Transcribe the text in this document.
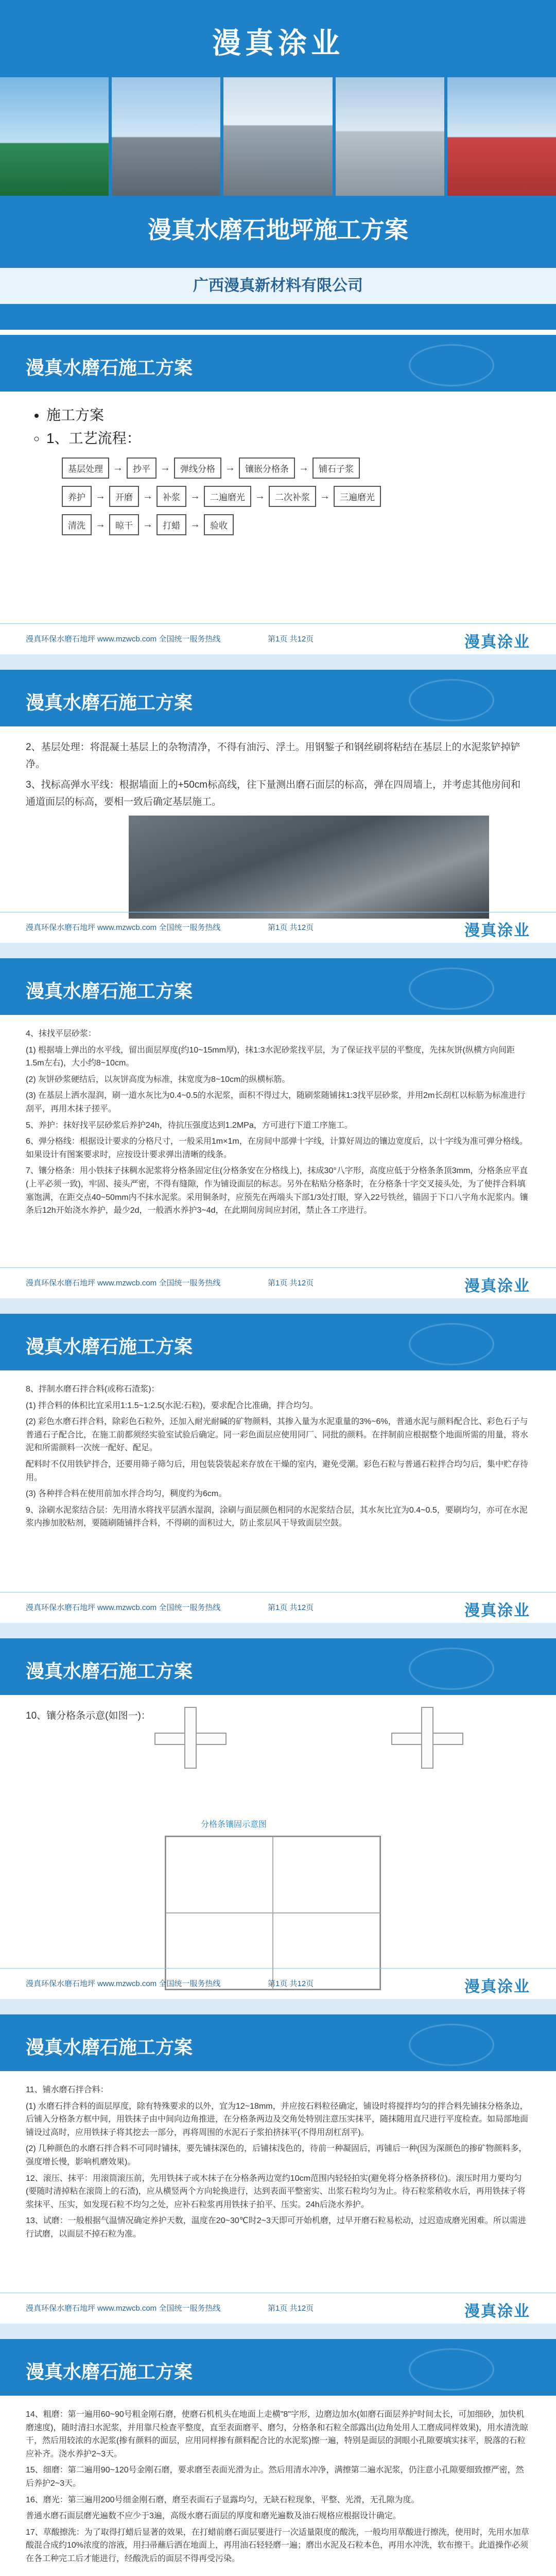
漫真涂业
漫真水磨石地坪施工方案
广西漫真新材料有限公司
漫真水磨石施工方案
• 施工方案
◦ 1、工艺流程：
基层处理 →	抄平 →	弹线分格 →	镶嵌分格条 →	铺石子浆
养护 →	开磨 →	补浆 →	二遍磨光 →	二次补浆 →	三遍磨光
清洗 →	晾干 →	打蜡 →	验收
漫真环保水磨石地坪 www.mzwcb.com 全国统一服务热线	第1页 共12页	漫真涂业
漫真水磨石施工方案

2、基层处理：将混凝土基层上的杂物清净，不得有油污、浮土。用钢錾子和钢丝刷将粘结在基层上的水泥浆铲掉铲净。

3、找标高弹水平线：根据墙面上的+50cm标高线，往下量测出磨石面层的标高，弹在四周墙上，并考虑其他房间和通道面层的标高，要相一致后确定基层施工。

漫真环保水磨石地坪 www.mzwcb.com 全国统一服务热线	第1页 共12页	漫真涂业
漫真水磨石施工方案

4、抹找平层砂浆：

(1) 根据墙上弹出的水平线，留出面层厚度(约10~15mm厚)，抹1:3水泥砂浆找平层，为了保证找平层的平整度，先抹灰饼(纵横方向间距1.5m左右)，大小约8~10cm。

(2) 灰饼砂浆硬结后，以灰饼高度为标准，抹宽度为8~10cm的纵横标筋。

(3) 在基层上洒水湿润，刷一道水灰比为0.4~0.5的水泥浆，面积不得过大，随刷浆随铺抹1:3找平层砂浆，并用2m长刮杠以标筋为标准进行刮平，再用木抹子搓平。

5、养护：抹好找平层砂浆后养护24h，待抗压强度达到1.2MPa，方可进行下道工序施工。

6、弹分格线：根据设计要求的分格尺寸，一般采用1m×1m，在房间中部弹十字线，计算好周边的镶边宽度后，以十字线为准可弹分格线。如果设计有图案要求时，应按设计要求弹出清晰的线条。

7、镶分格条：用小铁抹子抹稠水泥浆将分格条固定住(分格条安在分格线上)，抹成30°八字形，高度应低于分格条条顶3mm，分格条应平直(上平必须一致)，牢固、接头严密，不得有缝隙，作为铺设面层的标志。另外在粘贴分格条时，在分格条十字交叉接头处，为了使拌合料填塞饱满，在距交点40~50mm内不抹水泥浆。采用铜条时，应预先在两端头下部1/3处打眼，穿入22号铁丝，锚固于下口八字角水泥浆内。镶条后12h开始浇水养护，最少2d，一般洒水养护3~4d，在此期间房间应封闭，禁止各工序进行。

漫真环保水磨石地坪 www.mzwcb.com 全国统一服务热线	第1页 共12页	漫真涂业
漫真水磨石施工方案

8、拌制水磨石拌合料(或称石渣浆)：

(1) 拌合料的体积比宜采用1:1.5~1:2.5(水泥:石粒)，要求配合比准确，拌合均匀。

(2) 彩色水磨石拌合料，除彩色石粒外，还加入耐光耐碱的矿物颜料，其掺入量为水泥重量的3%~6%，普通水泥与颜料配合比、彩色石子与普通石子配合比，在施工前都须经实验室试验后确定。同一彩色面层应使用同厂、同批的颜料。在拌制前应根据整个地面所需的用量，将水泥和所需颜料一次统一配好、配足。

配料时不仅用铁铲拌合，还要用筛子筛匀后，用包装袋装起来存放在干燥的室内，避免受潮。彩色石粒与普通石粒拌合均匀后，集中贮存待用。

(3) 各种拌合料在使用前加水拌合均匀，稠度约为6cm。

9、涂刷水泥浆结合层：先用清水将找平层洒水湿润，涂刷与面层颜色相同的水泥浆结合层，其水灰比宜为0.4~0.5，要刷均匀，亦可在水泥浆内掺加胶粘剂，要随刷随铺拌合料，不得刷的面积过大，防止浆层风干导致面层空鼓。

漫真环保水磨石地坪 www.mzwcb.com 全国统一服务热线	第1页 共12页	漫真涂业
漫真水磨石施工方案

10、镶分格条示意(如图一)：

分格条镶固示意图
漫真环保水磨石地坪 www.mzwcb.com 全国统一服务热线	第1页 共12页	漫真涂业
漫真水磨石施工方案

11、铺水磨石拌合料：

(1) 水磨石拌合料的面层厚度，除有特殊要求的以外，宜为12~18mm，并应按石料粒径确定，铺设时将搅拌均匀的拌合料先铺抹分格条边，后铺入分格条方框中间，用铁抹子由中间向边角推进，在分格条两边及交角处特别注意压实抹平，随抹随用直尺进行平度检查。如局部地面铺设过高时，应用铁抹子将其挖去一部分，再将周围的水泥石子浆拍挤抹平(不得用刮杠刮平)。

(2) 几种颜色的水磨石拌合料不可同时铺抹，要先铺抹深色的，后铺抹浅色的，待前一种凝固后，再铺后一种(因为深颜色的掺矿物颜料多，强度增长慢，影响机磨效果)。

12、滚压、抹平：用滚筒滚压前，先用铁抹子或木抹子在分格条两边宽约10cm范围内轻轻拍实(避免将分格条挤移位)。滚压时用力要均匀(要随时清掉粘在滚筒上的石渣)，应从横竖两个方向轮换进行，达到表面平整密实、出浆石粒均匀为止。待石粒浆稍收水后，再用铁抹子将浆抹平、压实，如发现石粒不均匀之处，应补石粒浆再用铁抹子拍平、压实。24h后浇水养护。

13、试磨：一般根据气温情况确定养护天数，温度在20~30℃时2~3天即可开始机磨，过早开磨石粒易松动，过迟造成磨光困难。所以需进行试磨，以面层不掉石粒为准。

漫真环保水磨石地坪 www.mzwcb.com 全国统一服务热线	第1页 共12页	漫真涂业
漫真水磨石施工方案

14、粗磨：第一遍用60~90号粗金刚石磨，使磨石机机头在地面上走横"8"字形，边磨边加水(如磨石面层养护时间太长，可加细砂，加快机磨速度)，随时清扫水泥浆，并用靠尺检查平整度，直至表面磨平、磨匀，分格条和石粒全部露出(边角处用人工磨成同样效果)，用水清洗晾干，然后用较浓的水泥浆(掺有颜料的面层，应用同样掺有颜料配合比的水泥浆)擦一遍，特别是面层的洞眼小孔隙要填实抹平，脱落的石粒应补齐。浇水养护2~3天。

15、细磨：第二遍用90~120号金刚石磨，要求磨至表面光滑为止。然后用清水冲净，满擦第二遍水泥浆，仍注意小孔隙要细致擦严密，然后养护2~3天。

16、磨光：第三遍用200号细金刚石磨，磨至表面石子显露均匀，无缺石粒现象，平整、光滑，无孔隙为度。

普通水磨石面层磨光遍数不应少于3遍，高级水磨石面层的厚度和磨光遍数及油石规格应根据设计确定。

17、草酸擦洗：为了取得打蜡后显著的效果，在打蜡前磨石面层要进行一次适量限度的酸洗，一般均用草酸进行擦洗，使用时，先用水加草酸混合成约10%浓度的溶液，用扫帚蘸后洒在地面上，再用油石轻轻磨一遍；磨出水泥及石粒本色，再用水冲洗，软布擦干。此道操作必须在各工种完工后才能进行，经酸洗后的面层不得再受污染。
